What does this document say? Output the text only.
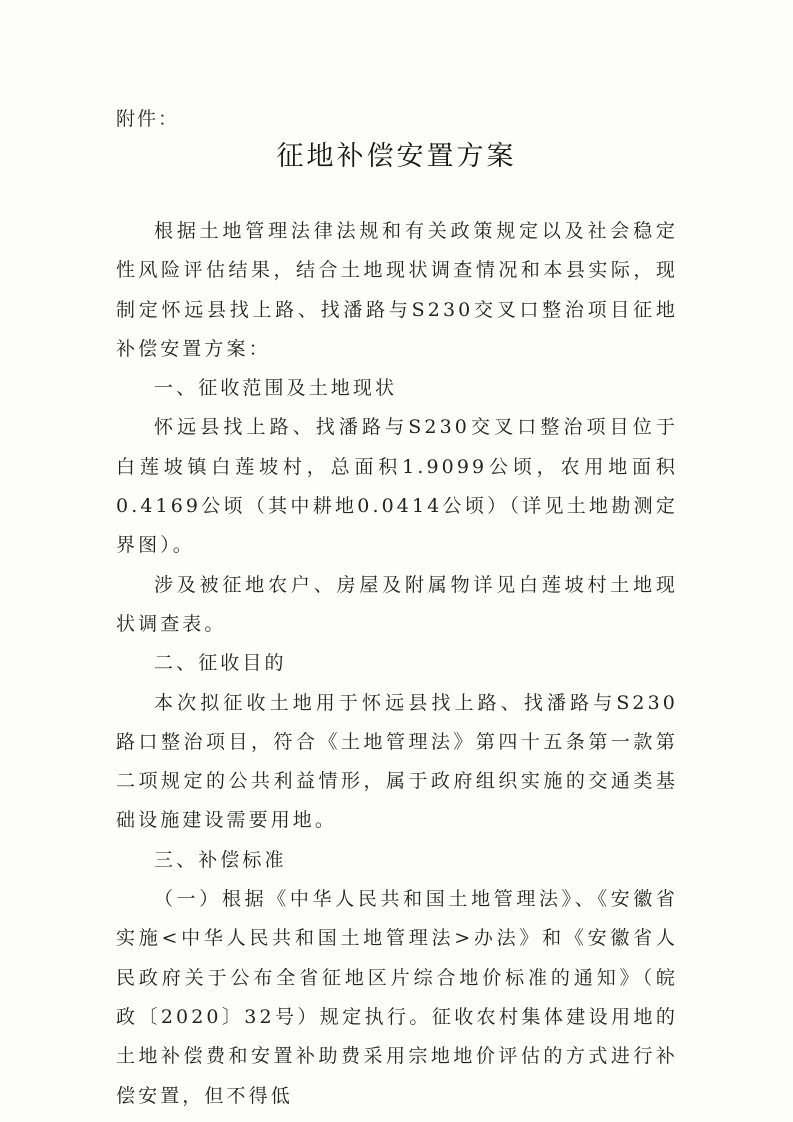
附件：
征地补偿安置方案

根据土地管理法律法规和有关政策规定以及社会稳定性风险评估结果，结合土地现状调查情况和本县实际，现制定怀远县找上路、找潘路与S230交叉口整治项目征地补偿安置方案：

一、征收范围及土地现状

怀远县找上路、找潘路与S230交叉口整治项目位于白莲坡镇白莲坡村，总面积1.9099公顷，农用地面积0.4169公顷（其中耕地0.0414公顷）（详见土地勘测定界图）。

涉及被征地农户、房屋及附属物详见白莲坡村土地现状调查表。

二、征收目的

本次拟征收土地用于怀远县找上路、找潘路与S230路口整治项目，符合《土地管理法》第四十五条第一款第二项规定的公共利益情形，属于政府组织实施的交通类基础设施建设需要用地。

三、补偿标准

（一）根据《中华人民共和国土地管理法》、《安徽省实施<中华人民共和国土地管理法>办法》和《安徽省人民政府关于公布全省征地区片综合地价标准的通知》（皖政〔2020〕32号）规定执行。征收农村集体建设用地的土地补偿费和安置补助费采用宗地地价评估的方式进行补偿安置，但不得低
